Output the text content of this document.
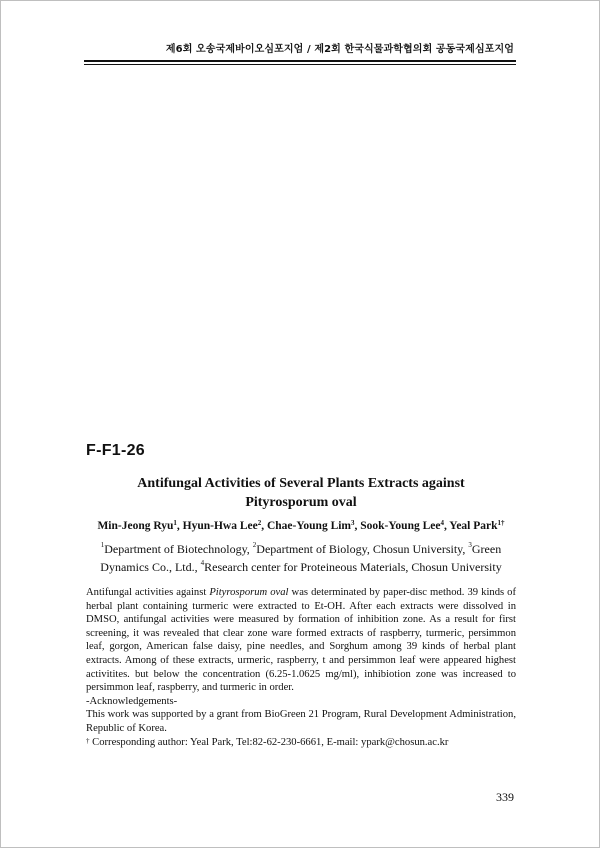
제6회 오송국제바이오심포지엄 / 제2회 한국식물과학협의회 공동국제심포지엄
F-F1-26
Antifungal Activities of Several Plants Extracts against
Pityrosporum oval
Min-Jeong Ryu$^1$, Hyun-Hwa Lee$^2$, Chae-Young Lim$^3$, Sook-Young Lee$^4$, Yeal Park$^{1\dagger}$
$^1$Department of Biotechnology, $^2$Department of Biology, Chosun University, $^3$Green
Dynamics Co., Ltd., $^4$Research center for Proteineous Materials, Chosun University

Antifungal activities against Pityrosporum oval was determinated by paper-disc method. 39 kinds of herbal plant containing turmeric were extracted to Et-OH. After each extracts were dissolved in DMSO, antifungal activities were measured by formation of inhibition zone. As a result for first screening, it was revealed that clear zone ware formed extracts of raspberry, turmeric, persimmon leaf, gorgon, American false daisy, pine needles, and Sorghum among 39 kinds of herbal plant extracts. Among of these extracts, urmeric, raspberry, t and persimmon leaf were appeared highest activitites. but below the concentration (6.25-1.0625 mg/ml), inhibiotion zone was increased to persimmon leaf, raspberry, and turmeric in order.

-Acknowledgements-

This work was supported by a grant from BioGreen 21 Program, Rural Development Administration, Republic of Korea.

† Corresponding author: Yeal Park, Tel:82-62-230-6661, E-mail: ypark@chosun.ac.kr

339
